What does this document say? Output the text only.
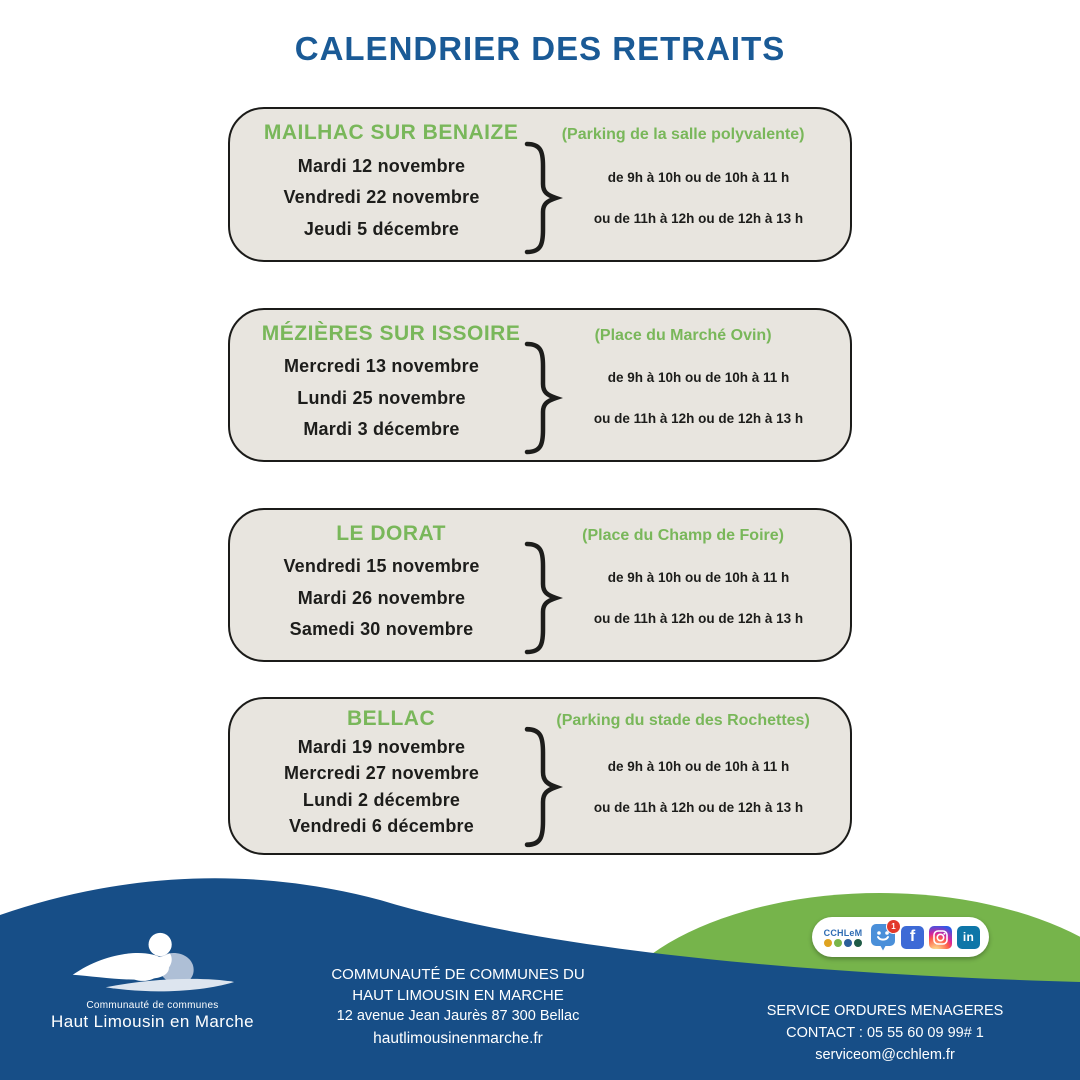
CALENDRIER DES RETRAITS
MAILHAC SUR BENAIZE	(Parking de la salle polyvalente)
Mardi 12 novembre
Vendredi 22 novembre
Jeudi 5 décembre
de 9h à 10h ou de 10h à 11 h
ou de 11h à 12h ou de 12h à 13 h
MÉZIÈRES SUR ISSOIRE	(Place du Marché Ovin)
Mercredi 13 novembre
Lundi 25 novembre
Mardi 3 décembre
de 9h à 10h ou de 10h à 11 h
ou de 11h à 12h ou de 12h à 13 h
LE DORAT	(Place du Champ de Foire)
Vendredi 15 novembre
Mardi 26 novembre
Samedi 30 novembre
de 9h à 10h ou de 10h à 11 h
ou de 11h à 12h ou de 12h à 13 h
BELLAC	(Parking du stade des Rochettes)
Mardi 19 novembre
Mercredi 27 novembre
Lundi 2 décembre
Vendredi 6 décembre
de 9h à 10h ou de 10h à 11 h
ou de 11h à 12h ou de 12h à 13 h
Communauté de communes
Haut Limousin en Marche
COMMUNAUTÉ DE COMMUNES DU
HAUT LIMOUSIN EN MARCHE
12 avenue Jean Jaurès 87 300 Bellac
hautlimousinenmarche.fr
SERVICE ORDURES MENAGERES
CONTACT : 05 55 60 09 99# 1
serviceom@cchlem.fr
CCHLeM
1
f	in
